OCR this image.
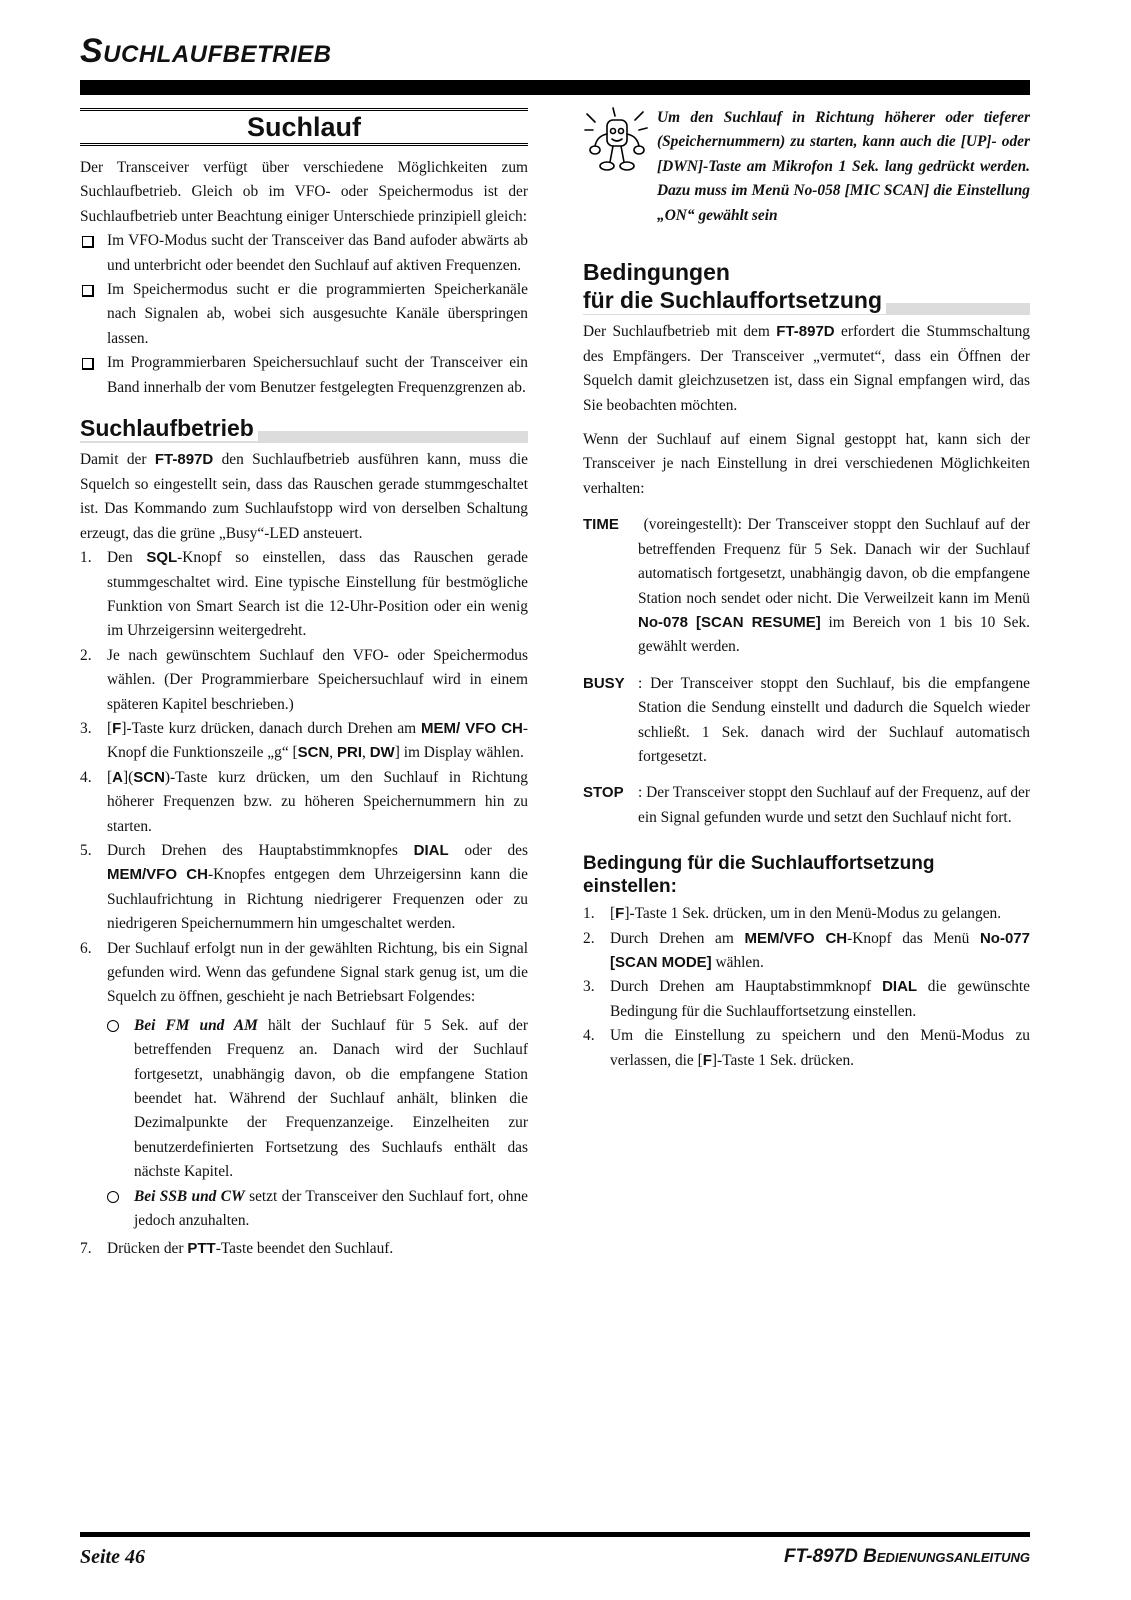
Suchlaufbetrieb
Suchlauf

Der Transceiver verfügt über verschiedene Möglichkeiten zum Suchlaufbetrieb. Gleich ob im VFO- oder Speichermodus ist der Suchlaufbetrieb unter Beachtung einiger Unterschiede prinzipiell gleich:

Im VFO-Modus sucht der Transceiver das Band aufoder abwärts ab und unterbricht oder beendet den Suchlauf auf aktiven Frequenzen.
Im Speichermodus sucht er die programmierten Speicherkanäle nach Signalen ab, wobei sich ausgesuchte Kanäle überspringen lassen.
Im Programmierbaren Speichersuchlauf sucht der Transceiver ein Band innerhalb der vom Benutzer festgelegten Frequenzgrenzen ab.
Suchlaufbetrieb

Damit der FT-897D den Suchlaufbetrieb ausführen kann, muss die Squelch so eingestellt sein, dass das Rauschen gerade stummgeschaltet ist. Das Kommando zum Suchlaufstopp wird von derselben Schaltung erzeugt, das die grüne „Busy“-LED ansteuert.

1. Den SQL-Knopf so einstellen, dass das Rauschen gerade stummgeschaltet wird. Eine typische Einstellung für bestmögliche Funktion von Smart Search ist die 12-Uhr-Position oder ein wenig im Uhrzeigersinn weitergedreht.
2. Je nach gewünschtem Suchlauf den VFO- oder Speichermodus wählen. (Der Programmierbare Speichersuchlauf wird in einem späteren Kapitel beschrieben.)
3. [F]-Taste kurz drücken, danach durch Drehen am MEM/ VFO CH-Knopf die Funktionszeile „g“ [SCN, PRI, DW] im Display wählen.
4. [A](SCN)-Taste kurz drücken, um den Suchlauf in Richtung höherer Frequenzen bzw. zu höheren Speichernummern hin zu starten.
5. Durch Drehen des Hauptabstimmknopfes DIAL oder des MEM/VFO CH-Knopfes entgegen dem Uhrzeigersinn kann die Suchlaufrichtung in Richtung niedrigerer Frequenzen oder zu niedrigeren Speichernummern hin umgeschaltet werden.
6. Der Suchlauf erfolgt nun in der gewählten Richtung, bis ein Signal gefunden wird. Wenn das gefundene Signal stark genug ist, um die Squelch zu öffnen, geschieht je nach Betriebsart Folgendes:
Bei FM und AM hält der Suchlauf für 5 Sek. auf der betreffenden Frequenz an. Danach wird der Suchlauf fortgesetzt, unabhängig davon, ob die empfangene Station beendet hat. Während der Suchlauf anhält, blinken die Dezimalpunkte der Frequenzanzeige. Einzelheiten zur benutzerdefinierten Fortsetzung des Suchlaufs enthält das nächste Kapitel.
Bei SSB und CW setzt der Transceiver den Suchlauf fort, ohne jedoch anzuhalten.
7. Drücken der PTT-Taste beendet den Suchlauf.
Um den Suchlauf in Richtung höherer oder tieferer (Speichernummern) zu starten, kann auch die [UP]- oder [DWN]-Taste am Mikrofon 1 Sek. lang gedrückt werden. Dazu muss im Menü No-058 [MIC SCAN] die Einstellung „ON“ gewählt sein
Bedingungen
für die Suchlauffortsetzung

Der Suchlaufbetrieb mit dem FT-897D erfordert die Stummschaltung des Empfängers. Der Transceiver „vermutet“, dass ein Öffnen der Squelch damit gleichzusetzen ist, dass ein Signal empfangen wird, das Sie beobachten möchten.

Wenn der Suchlauf auf einem Signal gestoppt hat, kann sich der Transceiver je nach Einstellung in drei verschiedenen Möglichkeiten verhalten:

TIME (voreingestellt): Der Transceiver stoppt den Suchlauf auf der betreffenden Frequenz für 5 Sek. Danach wir der Suchlauf automatisch fortgesetzt, unabhängig davon, ob die empfangene Station noch sendet oder nicht. Die Verweilzeit kann im Menü No-078 [SCAN RESUME] im Bereich von 1 bis 10 Sek. gewählt werden.
BUSY : Der Transceiver stoppt den Suchlauf, bis die empfangene Station die Sendung einstellt und dadurch die Squelch wieder schließt. 1 Sek. danach wird der Suchlauf automatisch fortgesetzt.
STOP : Der Transceiver stoppt den Suchlauf auf der Frequenz, auf der ein Signal gefunden wurde und setzt den Suchlauf nicht fort.
Bedingung für die Suchlauffortsetzung einstellen:
1. [F]-Taste 1 Sek. drücken, um in den Menü-Modus zu gelangen.
2. Durch Drehen am MEM/VFO CH-Knopf das Menü No-077 [SCAN MODE] wählen.
3. Durch Drehen am Hauptabstimmknopf DIAL die gewünschte Bedingung für die Suchlauffortsetzung einstellen.
4. Um die Einstellung zu speichern und den Menü-Modus zu verlassen, die [F]-Taste 1 Sek. drücken.
Seite 46	FT-897D Bedienungsanleitung
